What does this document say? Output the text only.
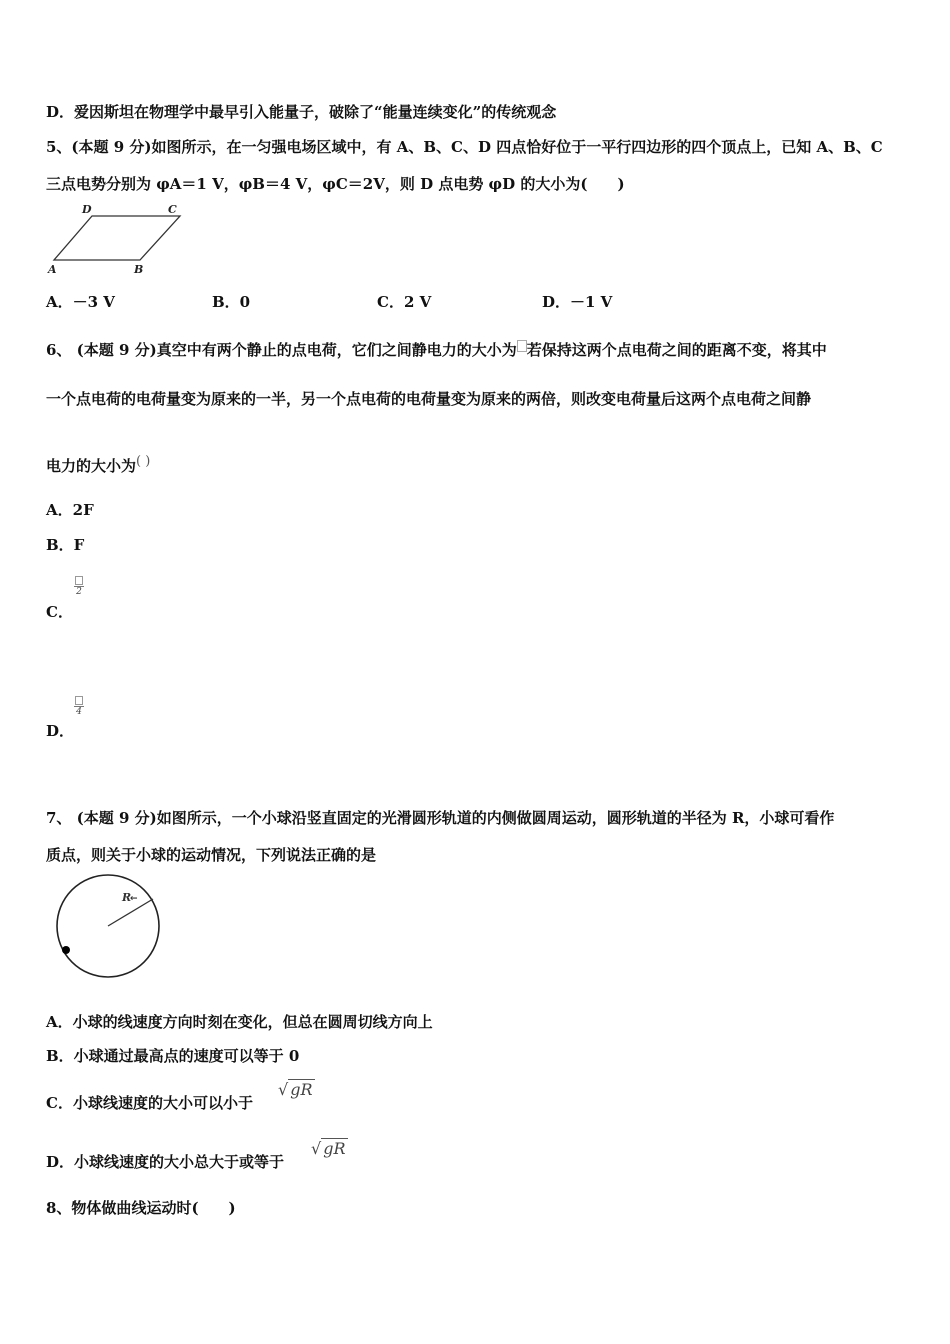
D．爱因斯坦在物理学中最早引入能量子，破除了“能量连续变化”的传统观念
5、(本题 9 分)如图所示，在一匀强电场区域中，有 A、B、C、D 四点恰好位于一平行四边形的四个顶点上，已知 A、B、C
三点电势分别为 φA＝1 V，φB＝4 V，φC＝2V，则 D 点电势 φD 的大小为(　　)
D	C
A	B
A．－3 V	B．0	C．2 V	D．－1 V
6、 (本题 9 分)真空中有两个静止的点电荷，它们之间静电力的大小为 若保持这两个点电荷之间的距离不变，将其中
一个点电荷的电荷量变为原来的一半，另一个点电荷的电荷量变为原来的两倍，则改变电荷量后这两个点电荷之间静
电力的大小为( )
A．2F
B．F
C．
2
D．
4
7、 (本题 9 分)如图所示，一个小球沿竖直固定的光滑圆形轨道的内侧做圆周运动，圆形轨道的半径为 R，小球可看作
质点，则关于小球的运动情况，下列说法正确的是
R
←
A．小球的线速度方向时刻在变化，但总在圆周切线方向上
B．小球通过最高点的速度可以等于 0
C．小球线速度的大小可以小于
√ gR
D．小球线速度的大小总大于或等于
√ gR
8、物体做曲线运动时(　　)
